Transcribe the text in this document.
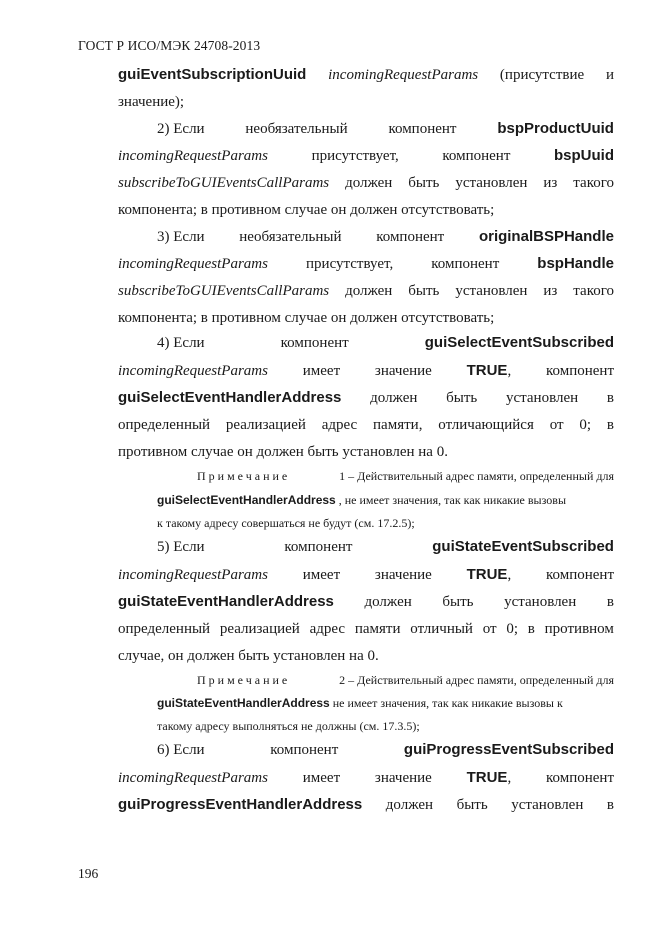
ГОСТ Р ИСО/МЭК 24708-2013
guiEventSubscriptionUuid incomingRequestParams (присутствие и
значение);
2) Если	необязательный	компонент	bspProductUuid
incomingRequestParams	присутствует,	компонент	bspUuid
subscribeToGUIEventsCallParams должен быть установлен из такого
компонента; в противном случае он должен отсутствовать;
3) Если необязательный компонент originalBSPHandle
incomingRequestParams	присутствует,	компонент	bspHandle
subscribeToGUIEventsCallParams должен быть установлен из такого
компонента; в противном случае он должен отсутствовать;
4) Если	компонент	guiSelectEventSubscribed
incomingRequestParams имеет значение TRUE, компонент
guiSelectEventHandlerAddress должен быть установлен в
определенный реализацией адрес памяти, отличающийся от 0; в
противном случае он должен быть установлен на 0.
Примечание	1 – Действительный адрес памяти, определенный для
guiSelectEventHandlerAddress , не имеет значения, так как никакие вызовы
к такому адресу совершаться не будут (см. 17.2.5);
5) Если	компонент	guiStateEventSubscribed
incomingRequestParams имеет значение TRUE, компонент
guiStateEventHandlerAddress должен быть установлен в
определенный реализацией адрес памяти отличный от 0; в противном
случае, он должен быть установлен на 0.
Примечание	2 – Действительный адрес памяти, определенный для
guiStateEventHandlerAddress не имеет значения, так как никакие вызовы к
такому адресу выполняться не должны (см. 17.3.5);
6) Если	компонент	guiProgressEventSubscribed
incomingRequestParams имеет значение TRUE, компонент
guiProgressEventHandlerAddress должен быть установлен в
196
